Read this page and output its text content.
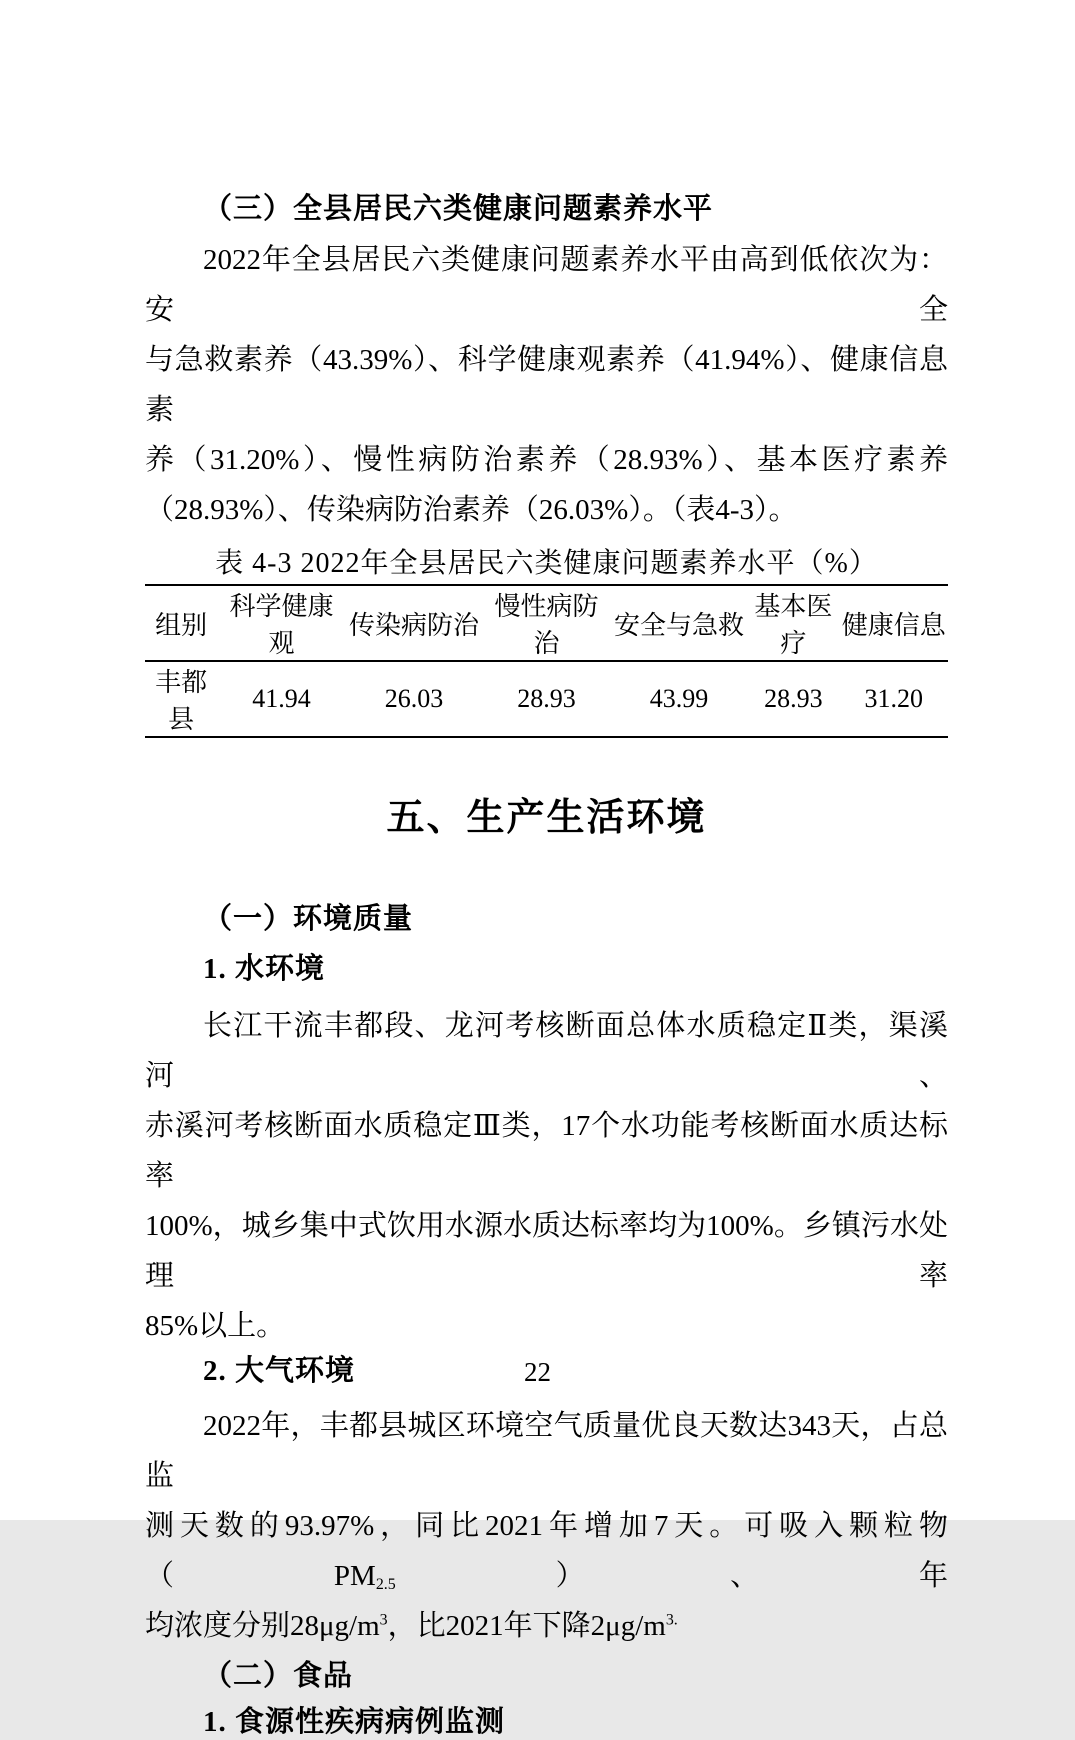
（三）全县居民六类健康问题素养水平
2022年全县居民六类健康问题素养水平由高到低依次为：安全
与急救素养（43.39%）、科学健康观素养（41.94%）、健康信息素
养（31.20%）、慢性病防治素养（28.93%）、基本医疗素养
（28.93%）、传染病防治素养（26.03%）。（表4-3）。
表 4-3 2022年全县居民六类健康问题素养水平（%）
组别	科学健康观	传染病防治	慢性病防治	安全与急救	基本医疗	健康信息
丰都县	41.94	26.03	28.93	43.99	28.93	31.20
五、生产生活环境
（一）环境质量
1. 水环境
长江干流丰都段、龙河考核断面总体水质稳定Ⅱ类，渠溪河、
赤溪河考核断面水质稳定Ⅲ类，17个水功能考核断面水质达标率
100%，城乡集中式饮用水源水质达标率均为100%。乡镇污水处理率
85%以上。
2. 大气环境
2022年，丰都县城区环境空气质量优良天数达343天，占总监
测天数的93.97%，同比2021年增加7天。可吸入颗粒物$(PM_{2.5})$、年
均浓度分别$28\mu g/m^3$，比2021年下降$2\mu g/m^{3.}$
（二）食品
1. 食源性疾病病例监测
22
